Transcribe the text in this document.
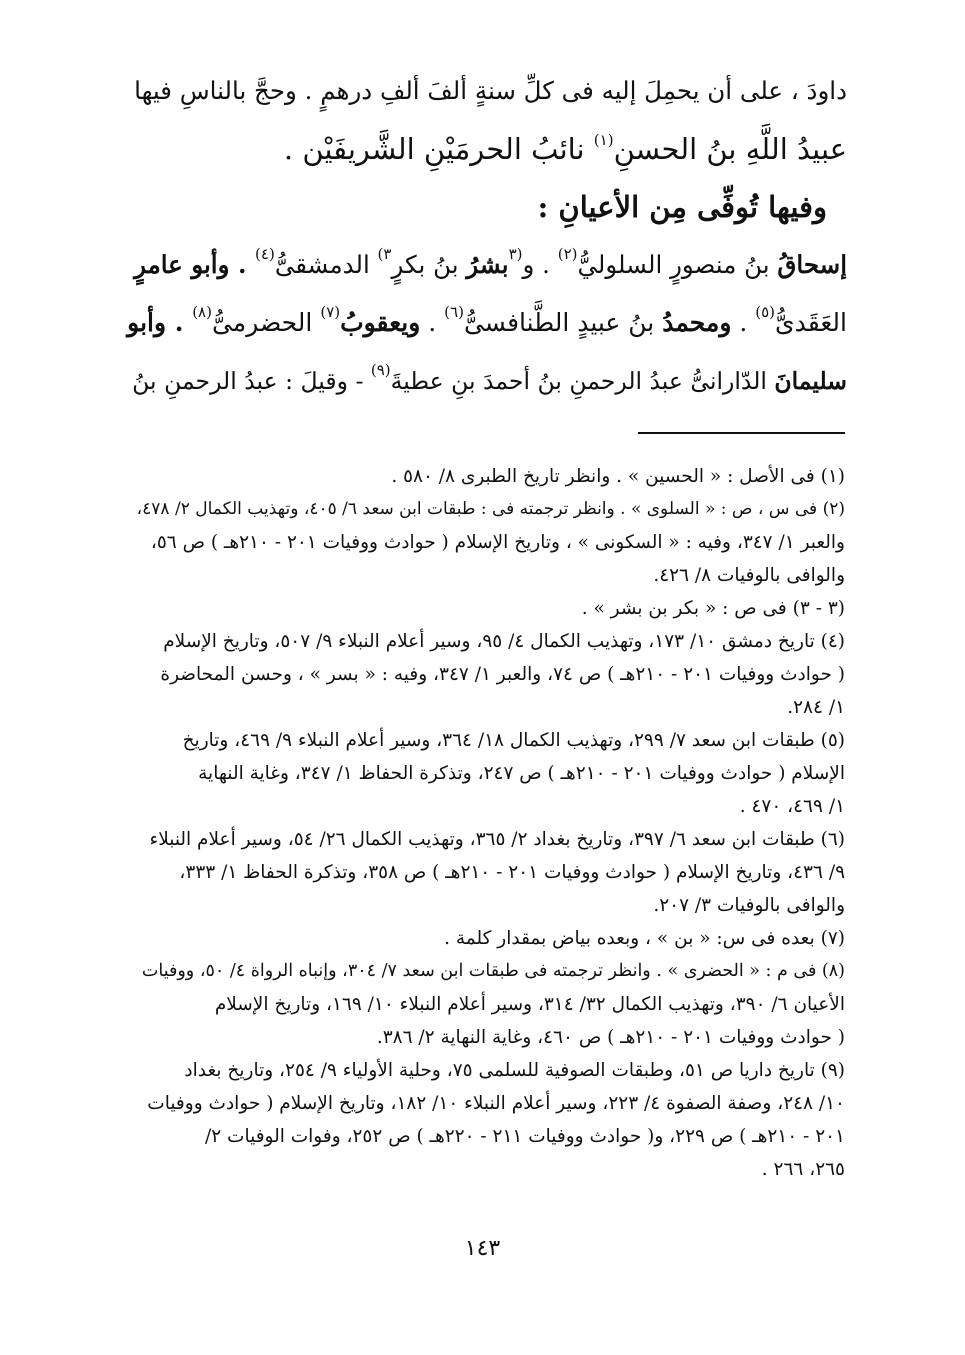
داودَ ، على أن يحمِلَ إليه فى كلِّ سنةٍ ألفَ ألفِ درهمٍ . وحجَّ بالناسِ فيها
عبيدُ اللَّهِ بنُ الحسنِ$^{(١)}$ نائبُ الحرمَيْنِ الشَّريفَيْن .
وفيها تُوفِّى مِن الأعيانِ :
إسحاقُ بنُ منصورٍ السلوليُّ$^{(٢)}$ . و$^{(٣}$بشرُ بنُ بكرٍ$^{٣)}$ الدمشقىُّ$^{(٤)}$ . وأبو عامرٍ
العَقَدىُّ$^{(٥)}$ . ومحمدُ بنُ عبيدٍ الطَّنافسىُّ$^{(٦)}$ . ويعقوبُ$^{(٧)}$ الحضرمىُّ$^{(٨)}$ . وأبو
سليمانَ الدّارانىُّ عبدُ الرحمنِ بنُ أحمدَ بنِ عطيةَ$^{(٩)}$ - وقيلَ : عبدُ الرحمنِ بنُ
(١) فى الأصل : « الحسين » . وانظر تاريخ الطبرى ٨/ ٥٨٠ .
(٢) فى س ، ص : « السلوى » . وانظر ترجمته فى : طبقات ابن سعد ٦/ ٤٠٥، وتهذيب الكمال ٢/ ٤٧٨،
والعبر ١/ ٣٤٧، وفيه : « السكونى » ، وتاريخ الإسلام ( حوادث ووفيات ٢٠١ - ٢١٠هـ ) ص ٥٦،
والوافى بالوفيات ٨/ ٤٢٦.
(٣ - ٣) فى ص : « بكر بن بشر » .
(٤) تاريخ دمشق ١٠/ ١٧٣، وتهذيب الكمال ٤/ ٩٥، وسير أعلام النبلاء ٩/ ٥٠٧، وتاريخ الإسلام
( حوادث ووفيات ٢٠١ - ٢١٠هـ ) ص ٧٤، والعبر ١/ ٣٤٧، وفيه : « بسر » ، وحسن المحاضرة
١/ ٢٨٤.
(٥) طبقات ابن سعد ٧/ ٢٩٩، وتهذيب الكمال ١٨/ ٣٦٤، وسير أعلام النبلاء ٩/ ٤٦٩، وتاريخ
الإسلام ( حوادث ووفيات ٢٠١ - ٢١٠هـ ) ص ٢٤٧، وتذكرة الحفاظ ١/ ٣٤٧، وغاية النهاية
١/ ٤٦٩، ٤٧٠ .
(٦) طبقات ابن سعد ٦/ ٣٩٧، وتاريخ بغداد ٢/ ٣٦٥، وتهذيب الكمال ٢٦/ ٥٤، وسير أعلام النبلاء
٩/ ٤٣٦، وتاريخ الإسلام ( حوادث ووفيات ٢٠١ - ٢١٠هـ ) ص ٣٥٨، وتذكرة الحفاظ ١/ ٣٣٣،
والوافى بالوفيات ٣/ ٢٠٧.
(٧) بعده فى س: « بن » ، وبعده بياض بمقدار كلمة .
(٨) فى م : « الحضرى » . وانظر ترجمته فى طبقات ابن سعد ٧/ ٣٠٤، وإنباه الرواة ٤/ ٥٠، ووفيات
الأعيان ٦/ ٣٩٠، وتهذيب الكمال ٣٢/ ٣١٤، وسير أعلام النبلاء ١٠/ ١٦٩، وتاريخ الإسلام
( حوادث ووفيات ٢٠١ - ٢١٠هـ ) ص ٤٦٠، وغاية النهاية ٢/ ٣٨٦.
(٩) تاريخ داريا ص ٥١، وطبقات الصوفية للسلمى ٧٥، وحلية الأولياء ٩/ ٢٥٤، وتاريخ بغداد
١٠/ ٢٤٨، وصفة الصفوة ٤/ ٢٢٣، وسير أعلام النبلاء ١٠/ ١٨٢، وتاريخ الإسلام ( حوادث ووفيات
٢٠١ - ٢١٠هـ ) ص ٢٢٩، و( حوادث ووفيات ٢١١ - ٢٢٠هـ ) ص ٢٥٢، وفوات الوفيات ٢/
٢٦٥، ٢٦٦ .
١٤٣
